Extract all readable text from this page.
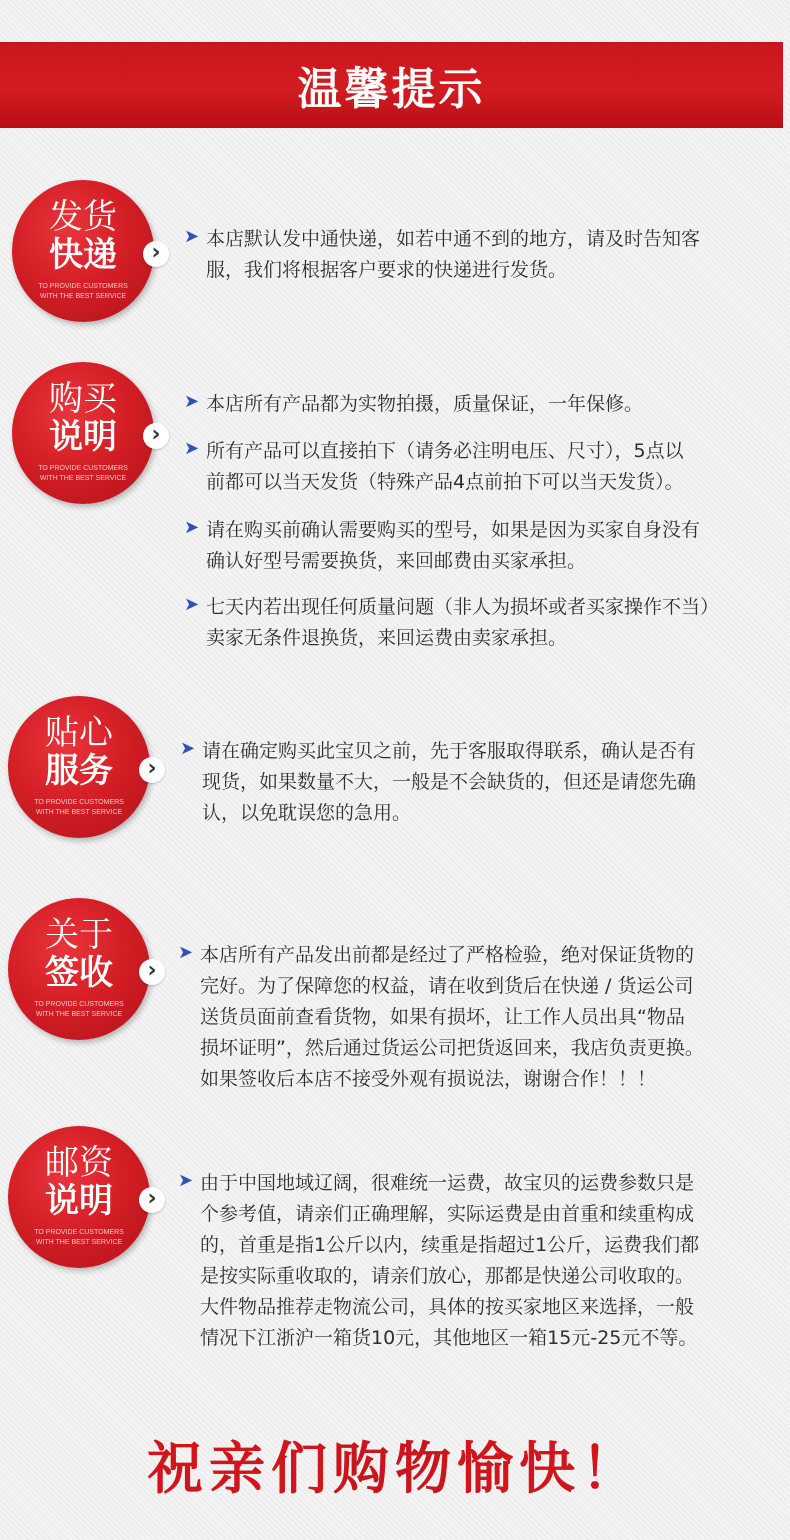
温馨提示
发货
快递
TO PROVIDE CUSTOMERS
WITH THE BEST SERVICE
›
➤ 本店默认发中通快递，如若中通不到的地方，请及时告知客
服，我们将根据客户要求的快递进行发货。
购买
说明
TO PROVIDE CUSTOMERS
WITH THE BEST SERVICE
›
➤ 本店所有产品都为实物拍摄，质量保证，一年保修。
➤ 所有产品可以直接拍下（请务必注明电压、尺寸），5点以
前都可以当天发货（特殊产品4点前拍下可以当天发货）。
➤ 请在购买前确认需要购买的型号，如果是因为买家自身没有
确认好型号需要换货，来回邮费由买家承担。
➤ 七天内若出现任何质量问题（非人为损坏或者买家操作不当）
卖家无条件退换货，来回运费由卖家承担。
贴心
服务
TO PROVIDE CUSTOMERS
WITH THE BEST SERVICE
›
➤ 请在确定购买此宝贝之前，先于客服取得联系，确认是否有
现货，如果数量不大，一般是不会缺货的，但还是请您先确
认，以免耽误您的急用。
关于
签收
TO PROVIDE CUSTOMERS
WITH THE BEST SERVICE
›
➤ 本店所有产品发出前都是经过了严格检验，绝对保证货物的
完好。为了保障您的权益，请在收到货后在快递 / 货运公司
送货员面前查看货物，如果有损坏，让工作人员出具“物品
损坏证明”，然后通过货运公司把货返回来，我店负责更换。
如果签收后本店不接受外观有损说法，谢谢合作！！！
邮资
说明
TO PROVIDE CUSTOMERS
WITH THE BEST SERVICE
›
➤ 由于中国地域辽阔，很难统一运费，故宝贝的运费参数只是
个参考值，请亲们正确理解，实际运费是由首重和续重构成
的，首重是指1公斤以内，续重是指超过1公斤，运费我们都
是按实际重收取的，请亲们放心，那都是快递公司收取的。
大件物品推荐走物流公司，具体的按买家地区来选择，一般
情况下江浙沪一箱货10元，其他地区一箱15元-25元不等。
祝亲们购物愉快！
